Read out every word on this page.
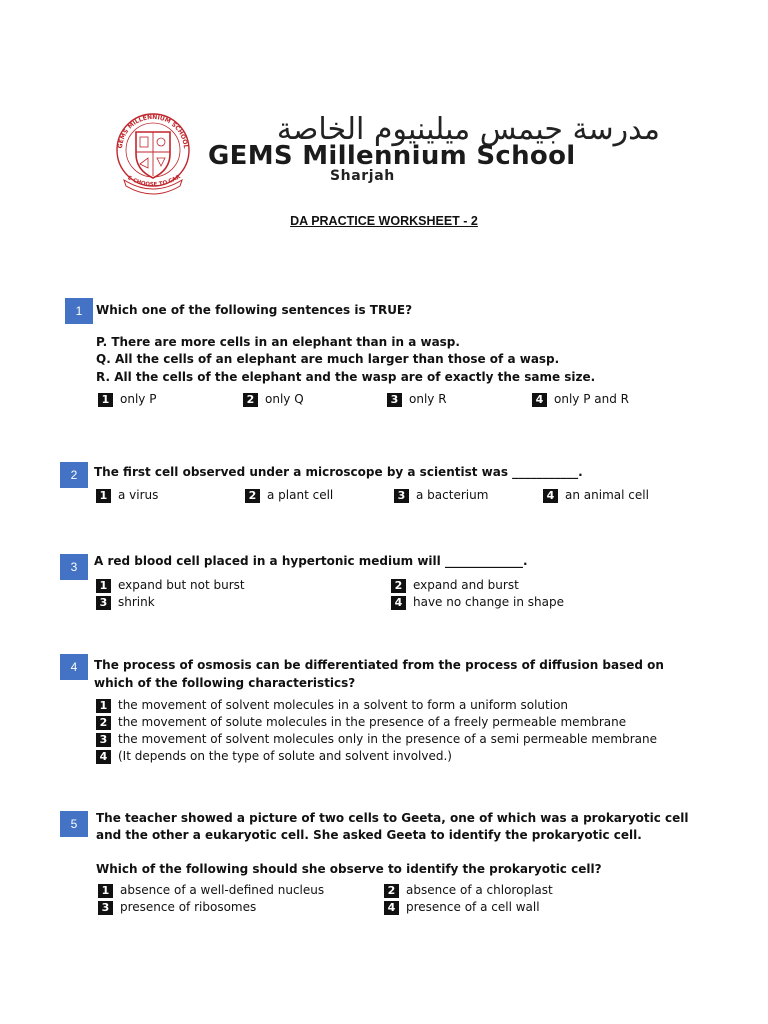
GEMS MILLENNIUM SCHOOL
E CHOOSE TO CAR
مدرسة جيمس ميلينيوم الخاصة
GEMS Millennium School
Sharjah
DA PRACTICE WORKSHEET - 2
1	Which one of the following sentences is TRUE?
P. There are more cells in an elephant than in a wasp.
Q. All the cells of an elephant are much larger than those of a wasp.
R. All the cells of the elephant and the wasp are of exactly the same size.
1 only P	2 only Q	3 only R	4 only P and R
2	The first cell observed under a microscope by a scientist was ___________.
1 a virus	2 a plant cell	3 a bacterium	4 an animal cell
3	A red blood cell placed in a hypertonic medium will _____________.
1 expand but not burst	2 expand and burst
3 shrink	4 have no change in shape
4	The process of osmosis can be differentiated from the process of diffusion based on
which of the following characteristics?
1 the movement of solvent molecules in a solvent to form a uniform solution
2 the movement of solute molecules in the presence of a freely permeable membrane
3 the movement of solvent molecules only in the presence of a semi permeable membrane
4 (It depends on the type of solute and solvent involved.)
5	The teacher showed a picture of two cells to Geeta, one of which was a prokaryotic cell
and the other a eukaryotic cell. She asked Geeta to identify the prokaryotic cell.
Which of the following should she observe to identify the prokaryotic cell?
1 absence of a well-defined nucleus	2 absence of a chloroplast
3 presence of ribosomes	4 presence of a cell wall
